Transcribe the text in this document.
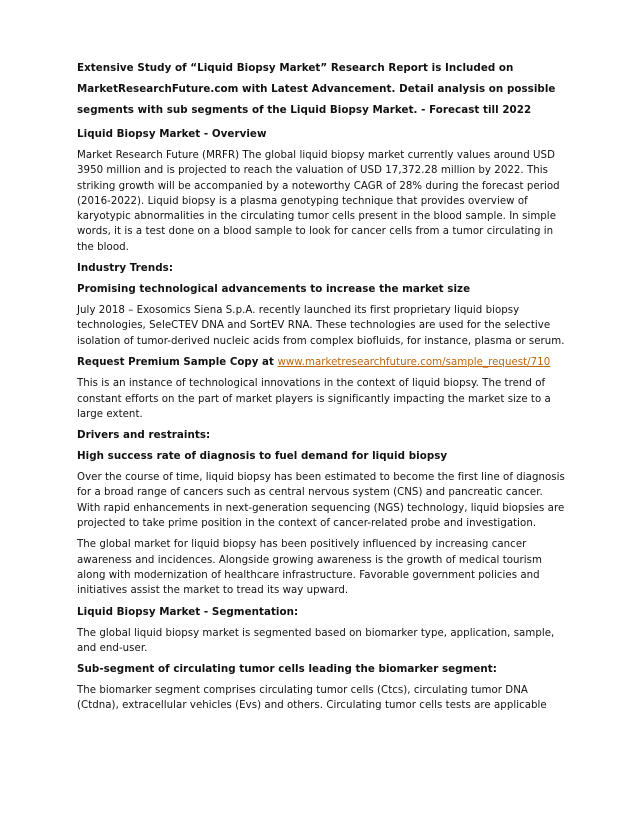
Extensive Study of “Liquid Biopsy Market” Research Report is Included on MarketResearchFuture.com with Latest Advancement. Detail analysis on possible segments with sub segments of the Liquid Biopsy Market. - Forecast till 2022
Liquid Biopsy Market - Overview

Market Research Future (MRFR) The global liquid biopsy market currently values around USD 3950 million and is projected to reach the valuation of USD 17,372.28 million by 2022. This striking growth will be accompanied by a noteworthy CAGR of 28% during the forecast period (2016-2022). Liquid biopsy is a plasma genotyping technique that provides overview of karyotypic abnormalities in the circulating tumor cells present in the blood sample. In simple words, it is a test done on a blood sample to look for cancer cells from a tumor circulating in the blood.

Industry Trends:
Promising technological advancements to increase the market size

July 2018 – Exosomics Siena S.p.A. recently launched its first proprietary liquid biopsy technologies, SeleCTEV DNA and SortEV RNA. These technologies are used for the selective isolation of tumor-derived nucleic acids from complex biofluids, for instance, plasma or serum.

Request Premium Sample Copy at www.marketresearchfuture.com/sample_request/710

This is an instance of technological innovations in the context of liquid biopsy. The trend of constant efforts on the part of market players is significantly impacting the market size to a large extent.

Drivers and restraints:
High success rate of diagnosis to fuel demand for liquid biopsy

Over the course of time, liquid biopsy has been estimated to become the first line of diagnosis for a broad range of cancers such as central nervous system (CNS) and pancreatic cancer. With rapid enhancements in next-generation sequencing (NGS) technology, liquid biopsies are projected to take prime position in the context of cancer-related probe and investigation.

The global market for liquid biopsy has been positively influenced by increasing cancer awareness and incidences. Alongside growing awareness is the growth of medical tourism along with modernization of healthcare infrastructure. Favorable government policies and initiatives assist the market to tread its way upward.

Liquid Biopsy Market - Segmentation:

The global liquid biopsy market is segmented based on biomarker type, application, sample, and end-user.

Sub-segment of circulating tumor cells leading the biomarker segment:

The biomarker segment comprises circulating tumor cells (Ctcs), circulating tumor DNA (Ctdna), extracellular vehicles (Evs) and others. Circulating tumor cells tests are applicable
